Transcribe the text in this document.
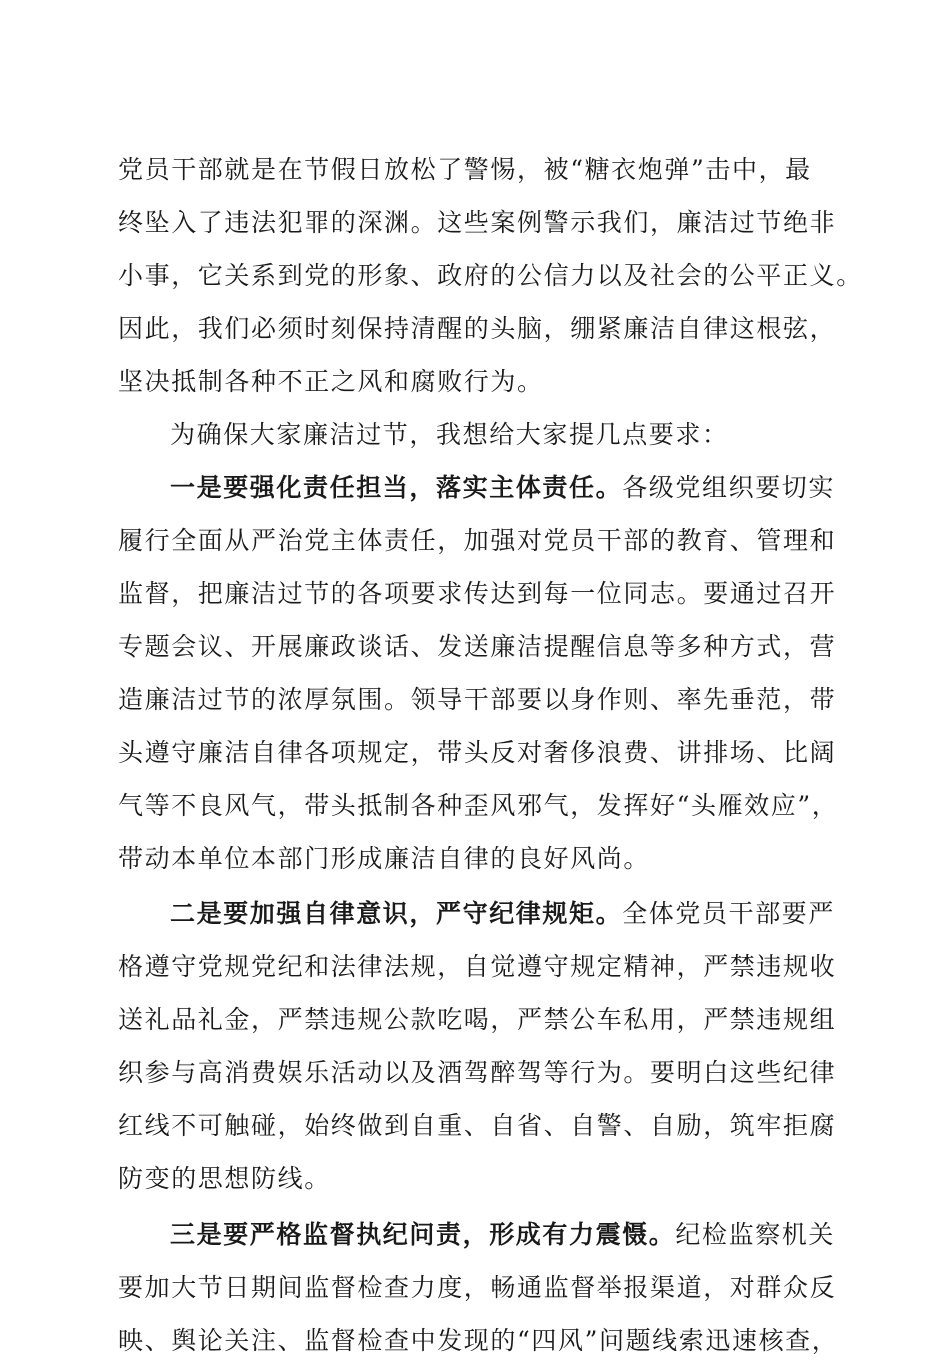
党员干部就是在节假日放松了警惕，被“糖衣炮弹”击中，最
终坠入了违法犯罪的深渊。这些案例警示我们，廉洁过节绝非
小事，它关系到党的形象、政府的公信力以及社会的公平正义。
因此，我们必须时刻保持清醒的头脑，绷紧廉洁自律这根弦，
坚决抵制各种不正之风和腐败行为。
为确保大家廉洁过节，我想给大家提几点要求：
一是要强化责任担当，落实主体责任。各级党组织要切实
履行全面从严治党主体责任，加强对党员干部的教育、管理和
监督，把廉洁过节的各项要求传达到每一位同志。要通过召开
专题会议、开展廉政谈话、发送廉洁提醒信息等多种方式，营
造廉洁过节的浓厚氛围。领导干部要以身作则、率先垂范，带
头遵守廉洁自律各项规定，带头反对奢侈浪费、讲排场、比阔
气等不良风气，带头抵制各种歪风邪气，发挥好“头雁效应”，
带动本单位本部门形成廉洁自律的良好风尚。
二是要加强自律意识，严守纪律规矩。全体党员干部要严
格遵守党规党纪和法律法规，自觉遵守规定精神，严禁违规收
送礼品礼金，严禁违规公款吃喝，严禁公车私用，严禁违规组
织参与高消费娱乐活动以及酒驾醉驾等行为。要明白这些纪律
红线不可触碰，始终做到自重、自省、自警、自励，筑牢拒腐
防变的思想防线。
三是要严格监督执纪问责，形成有力震慑。纪检监察机关
要加大节日期间监督检查力度，畅通监督举报渠道，对群众反
映、舆论关注、监督检查中发现的“四风”问题线索迅速核查，
